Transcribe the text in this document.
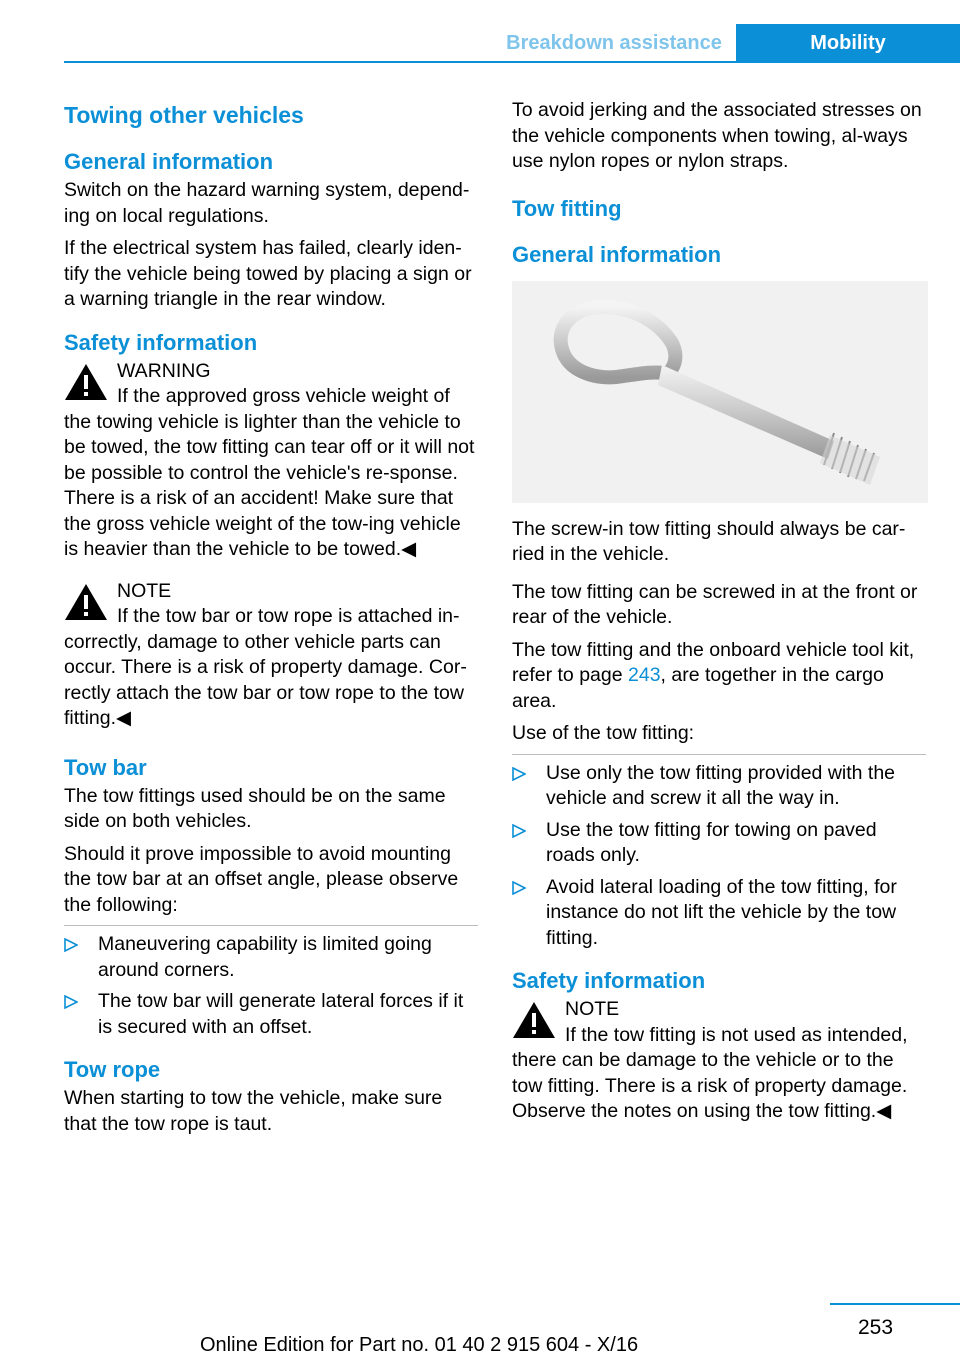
Breakdown assistance	Mobility
Towing other vehicles
General information

Switch on the hazard warning system, depend‐ing on local regulations.

If the electrical system has failed, clearly iden‐tify the vehicle being towed by placing a sign or a warning triangle in the rear window.

Safety information

WARNING

If the approved gross vehicle weight of the towing vehicle is lighter than the vehicle to be towed, the tow fitting can tear off or it will not be possible to control the vehicle's re‐sponse. There is a risk of an accident! Make sure that the gross vehicle weight of the tow‐ing vehicle is heavier than the vehicle to be towed.◀

NOTE

If the tow bar or tow rope is attached in‐correctly, damage to other vehicle parts can occur. There is a risk of property damage. Cor‐rectly attach the tow bar or tow rope to the tow fitting.◀

Tow bar

The tow fittings used should be on the same side on both vehicles.

Should it prove impossible to avoid mounting the tow bar at an offset angle, please observe the following:

Maneuvering capability is limited going around corners.
The tow bar will generate lateral forces if it is secured with an offset.
Tow rope

When starting to tow the vehicle, make sure that the tow rope is taut.

To avoid jerking and the associated stresses on the vehicle components when towing, al‐ways use nylon ropes or nylon straps.

Tow fitting
General information

The screw-in tow fitting should always be car‐ried in the vehicle.

The tow fitting can be screwed in at the front or rear of the vehicle.

The tow fitting and the onboard vehicle tool kit, refer to page 243, are together in the cargo area.

Use of the tow fitting:

Use only the tow fitting provided with the vehicle and screw it all the way in.
Use the tow fitting for towing on paved roads only.
Avoid lateral loading of the tow fitting, for instance do not lift the vehicle by the tow fitting.
Safety information

NOTE

If the tow fitting is not used as intended, there can be damage to the vehicle or to the tow fitting. There is a risk of property damage. Observe the notes on using the tow fitting.◀

253
Online Edition for Part no. 01 40 2 915 604 - X/16
